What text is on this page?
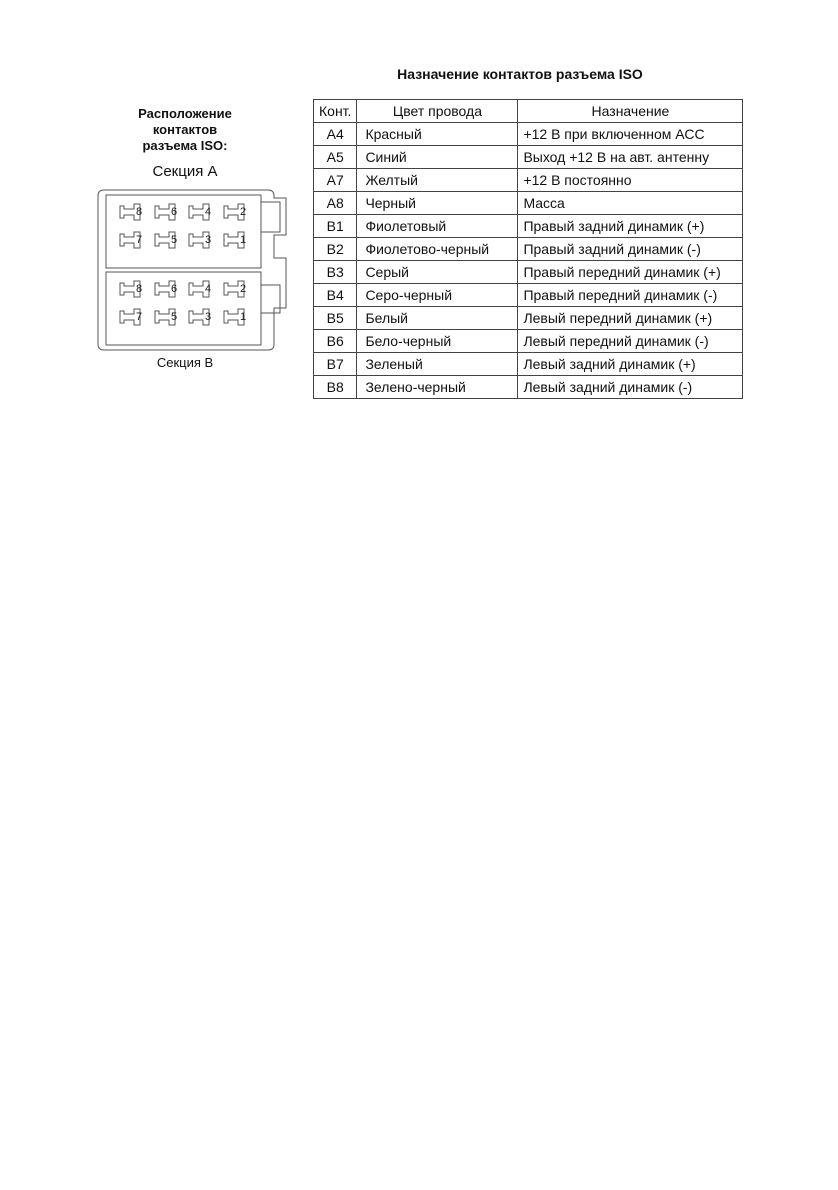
Назначение контактов разъема ISO
Конт.	Цвет провода	Назначение
A4	Красный	+12 В при включенном АСС
A5	Синий	Выход +12 В на авт. антенну
A7	Желтый	+12 В постоянно
A8	Черный	Масса
B1	Фиолетовый	Правый задний динамик (+)
B2	Фиолетово-черный	Правый задний динамик (-)
B3	Серый	Правый передний динамик (+)
B4	Серо-черный	Правый передний динамик (-)
B5	Белый	Левый передний динамик (+)
B6	Бело-черный	Левый передний динамик (-)
B7	Зеленый	Левый задний динамик (+)
B8	Зелено-черный	Левый задний динамик (-)
Расположение
контактов
разъема ISO:
Секция А
8	6	4	2
7	5	3	1
8	6	4	2
7	5	3	1
Секция В
